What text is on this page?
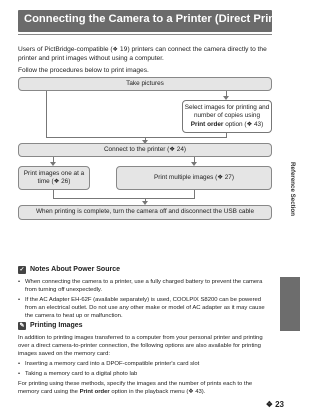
Connecting the Camera to a Printer (Direct Print)

Users of PictBridge-compatible (❖ 19) printers can connect the camera directly to the printer and print images without using a computer.

Follow the procedures below to print images.

Take pictures
Select images for printing and number of copies using
Print order option (❖ 43)
Connect to the printer (❖ 24)
Print images one at a time (❖ 26)
Print multiple images (❖ 27)
When printing is complete, turn the camera off and disconnect the USB cable	Reference Section
✓ Notes About Power Source
• When connecting the camera to a printer, use a fully charged battery to prevent the camera from turning off unexpectedly.
• If the AC Adapter EH-62F (available separately) is used, COOLPIX S8200 can be powered from an electrical outlet. Do not use any other make or model of AC adapter as it may cause the camera to heat up or malfunction.
✎ Printing Images
In addition to printing images transferred to a computer from your personal printer and printing over a direct camera-to-printer connection, the following options are also available for printing images saved on the memory card:
• Inserting a memory card into a DPOF-compatible printer's card slot
• Taking a memory card to a digital photo lab
For printing using these methods, specify the images and the number of prints each to the memory card using the Print order option in the playback menu (❖ 43).
❖ 23
